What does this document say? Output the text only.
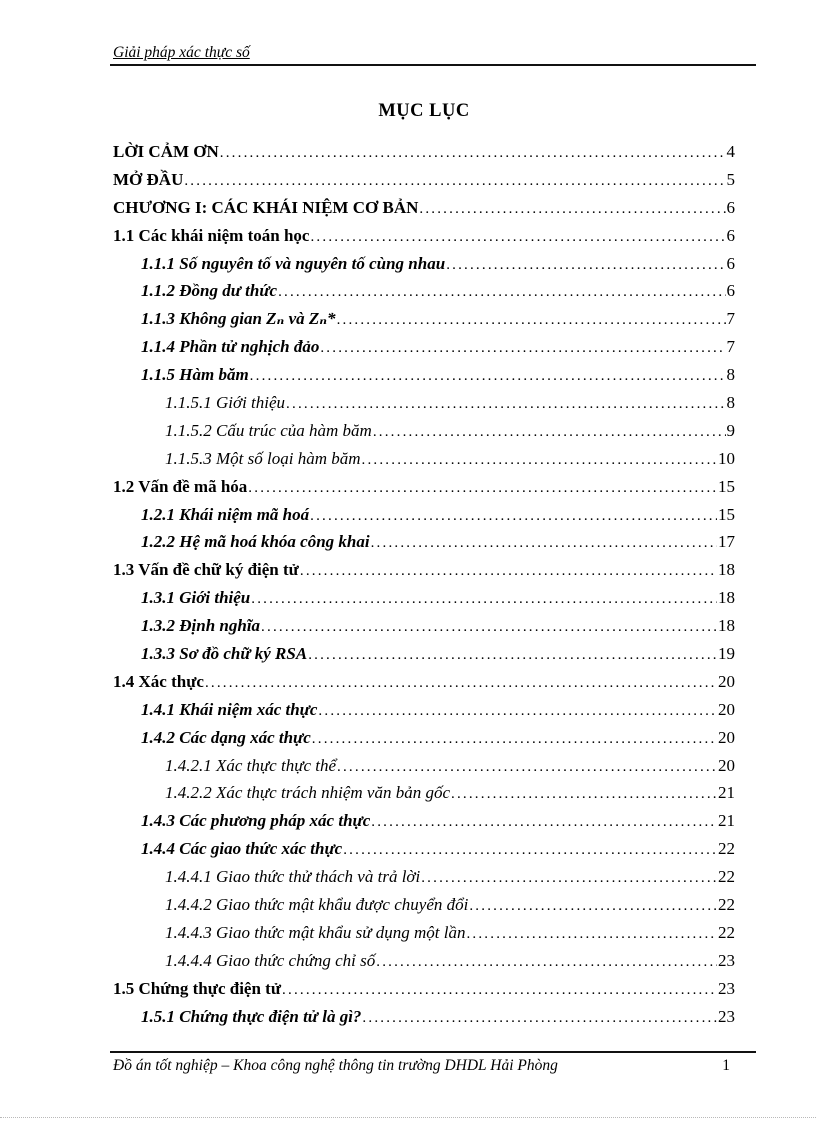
Giải pháp xác thực số
MỤC LỤC
LỜI CẢM ƠN .....	4
MỞ ĐẦU .....	5
CHƯƠNG I: CÁC KHÁI NIỆM CƠ BẢN .....	6
1.1 Các khái niệm toán học .....	6
1.1.1 Số nguyên tố và nguyên tố cùng nhau .....	6
1.1.2 Đồng dư thức .....	6
1.1.3 Không gian Zₙ và Zₙ* .....	7
1.1.4 Phần tử nghịch đảo .....	7
1.1.5 Hàm băm .....	8
1.1.5.1 Giới thiệu .....	8
1.1.5.2 Cấu trúc của hàm băm .....	9
1.1.5.3 Một số loại hàm băm .....	10
1.2 Vấn đề mã hóa .....	15
1.2.1 Khái niệm mã hoá .....	15
1.2.2 Hệ mã hoá khóa công khai .....	17
1.3 Vấn đề chữ ký điện tử .....	18
1.3.1 Giới thiệu .....	18
1.3.2 Định nghĩa .....	18
1.3.3 Sơ đồ chữ ký RSA .....	19
1.4 Xác thực .....	20
1.4.1 Khái niệm xác thực .....	20
1.4.2 Các dạng xác thực .....	20
1.4.2.1 Xác thực thực thể .....	20
1.4.2.2 Xác thực trách nhiệm văn bản gốc .....	21
1.4.3 Các phương pháp xác thực .....	21
1.4.4 Các giao thức xác thực .....	22
1.4.4.1 Giao thức thử thách và trả lời .....	22
1.4.4.2 Giao thức mật khẩu được chuyển đổi .....	22
1.4.4.3 Giao thức mật khẩu sử dụng một lần .....	22
1.4.4.4 Giao thức chứng chỉ số .....	23
1.5 Chứng thực điện tử .....	23
1.5.1 Chứng thực điện tử là gì? .....	23
Đồ án tốt nghiệp – Khoa công nghệ thông tin trường DHDL Hải Phòng	1
